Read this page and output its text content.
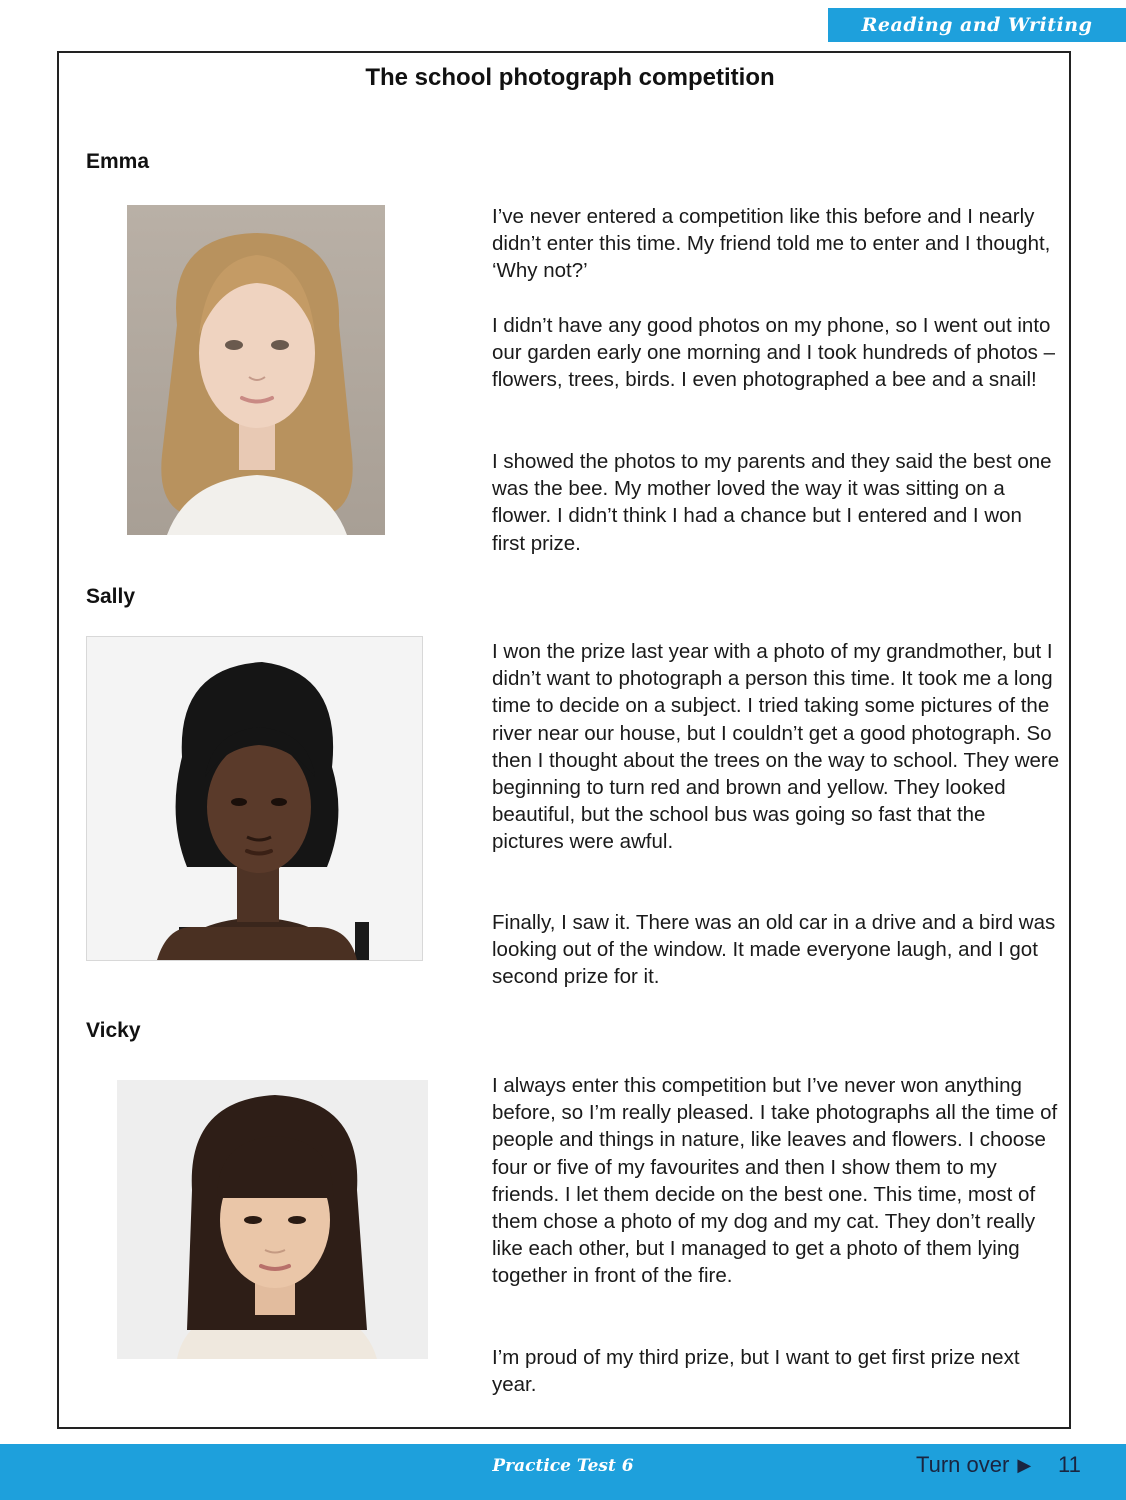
Reading and Writing
The school photograph competition
Emma

I’ve never entered a competition like this before and I nearly didn’t enter this time. My friend told me to enter and I thought, ‘Why not?’

I didn’t have any good photos on my phone, so I went out into our garden early one morning and I took hundreds of photos – flowers, trees, birds. I even photographed a bee and a snail!

I showed the photos to my parents and they said the best one was the bee. My mother loved the way it was sitting on a flower. I didn’t think I had a chance but I entered and I won first prize.

Sally

I won the prize last year with a photo of my grandmother, but I didn’t want to photograph a person this time. It took me a long time to decide on a subject. I tried taking some pictures of the river near our house, but I couldn’t get a good photograph. So then I thought about the trees on the way to school. They were beginning to turn red and brown and yellow. They looked beautiful, but the school bus was going so fast that the pictures were awful.

Finally, I saw it. There was an old car in a drive and a bird was looking out of the window. It made everyone laugh, and I got second prize for it.

Vicky

I always enter this competition but I’ve never won anything before, so I’m really pleased. I take photographs all the time of people and things in nature, like leaves and flowers. I choose four or five of my favourites and then I show them to my friends. I let them decide on the best one. This time, most of them chose a photo of my dog and my cat. They don’t really like each other, but I managed to get a photo of them lying together in front of the fire.

I’m proud of my third prize, but I want to get first prize next year.

Practice Test 6	Turn over ▶ 11
